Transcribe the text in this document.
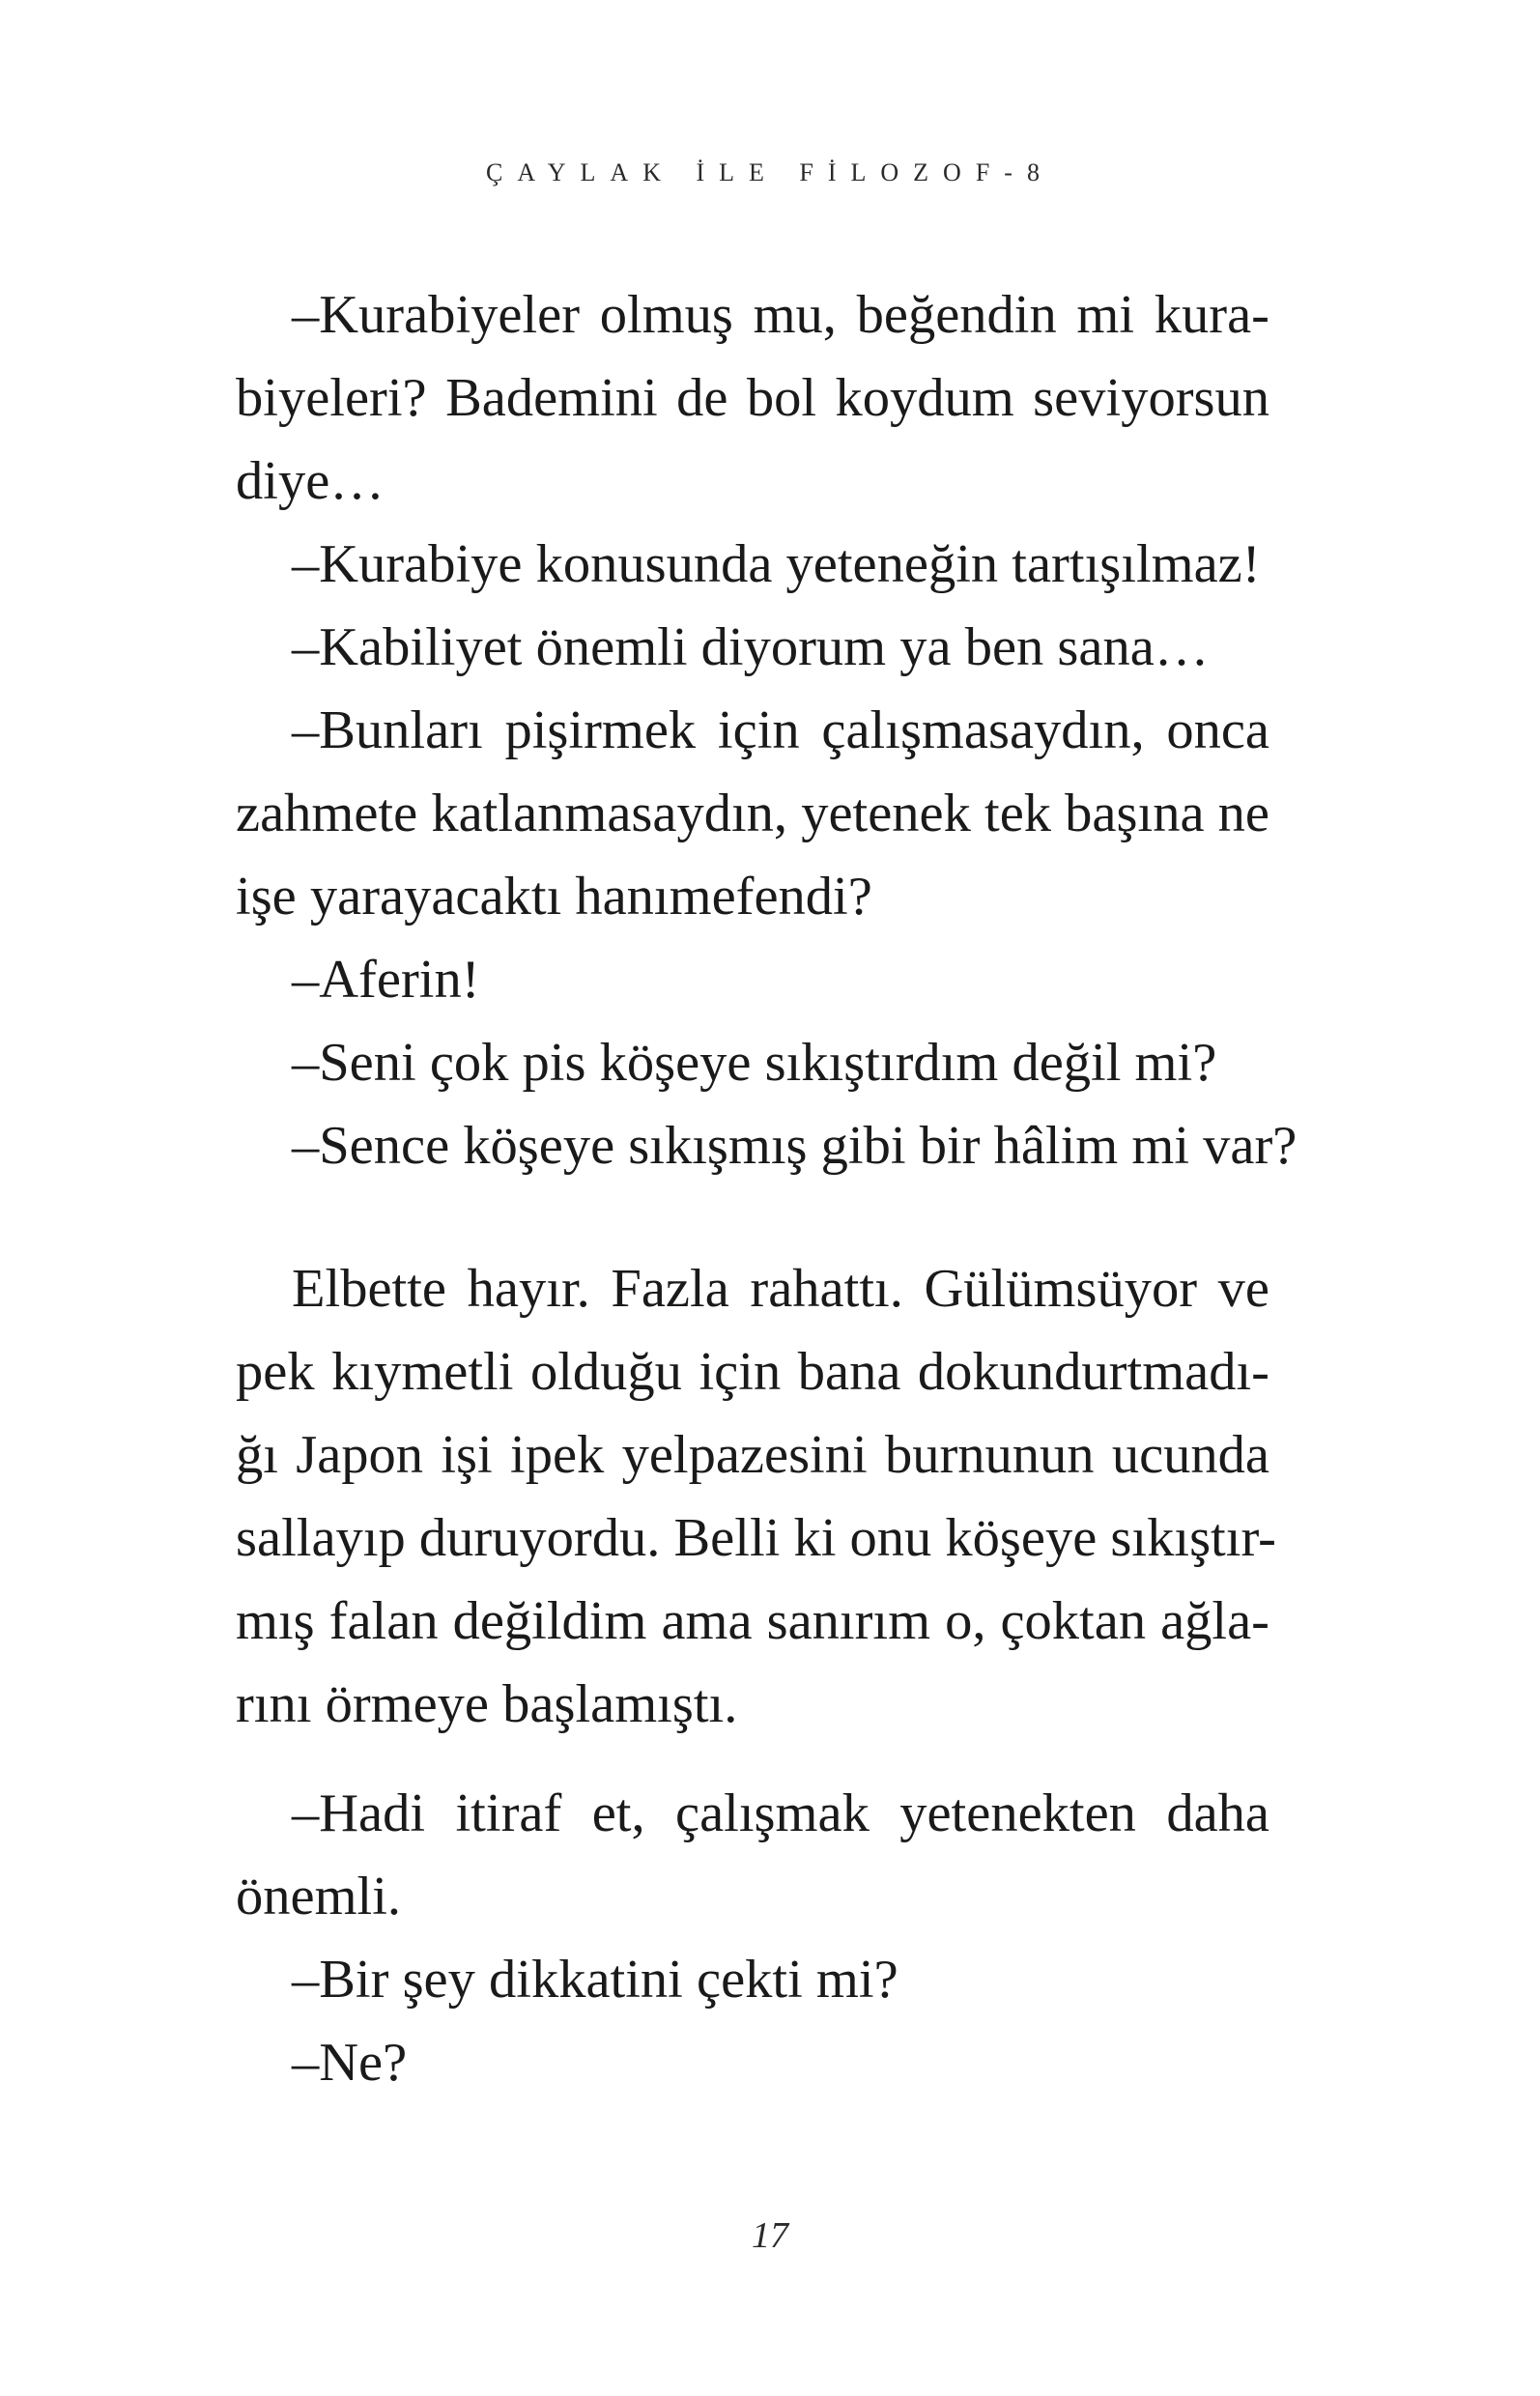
ÇAYLAK İLE FİLOZOF-8
–Kurabiyeler olmuş mu, beğendin mi kura-
biyeleri? Bademini de bol koydum seviyorsun
diye…
–Kurabiye konusunda yeteneğin tartışılmaz!
–Kabiliyet önemli diyorum ya ben sana…
–Bunları pişirmek için çalışmasaydın, onca
zahmete katlanmasaydın, yetenek tek başına ne
işe yarayacaktı hanımefendi?
–Aferin!
–Seni çok pis köşeye sıkıştırdım değil mi?
–Sence köşeye sıkışmış gibi bir hâlim mi var?
Elbette hayır. Fazla rahattı. Gülümsüyor ve
pek kıymetli olduğu için bana dokundurtmadı-
ğı Japon işi ipek yelpazesini burnunun ucunda
sallayıp duruyordu. Belli ki onu köşeye sıkıştır-
mış falan değildim ama sanırım o, çoktan ağla-
rını örmeye başlamıştı.
–Hadi itiraf et, çalışmak yetenekten daha
önemli.
–Bir şey dikkatini çekti mi?
–Ne?
17
